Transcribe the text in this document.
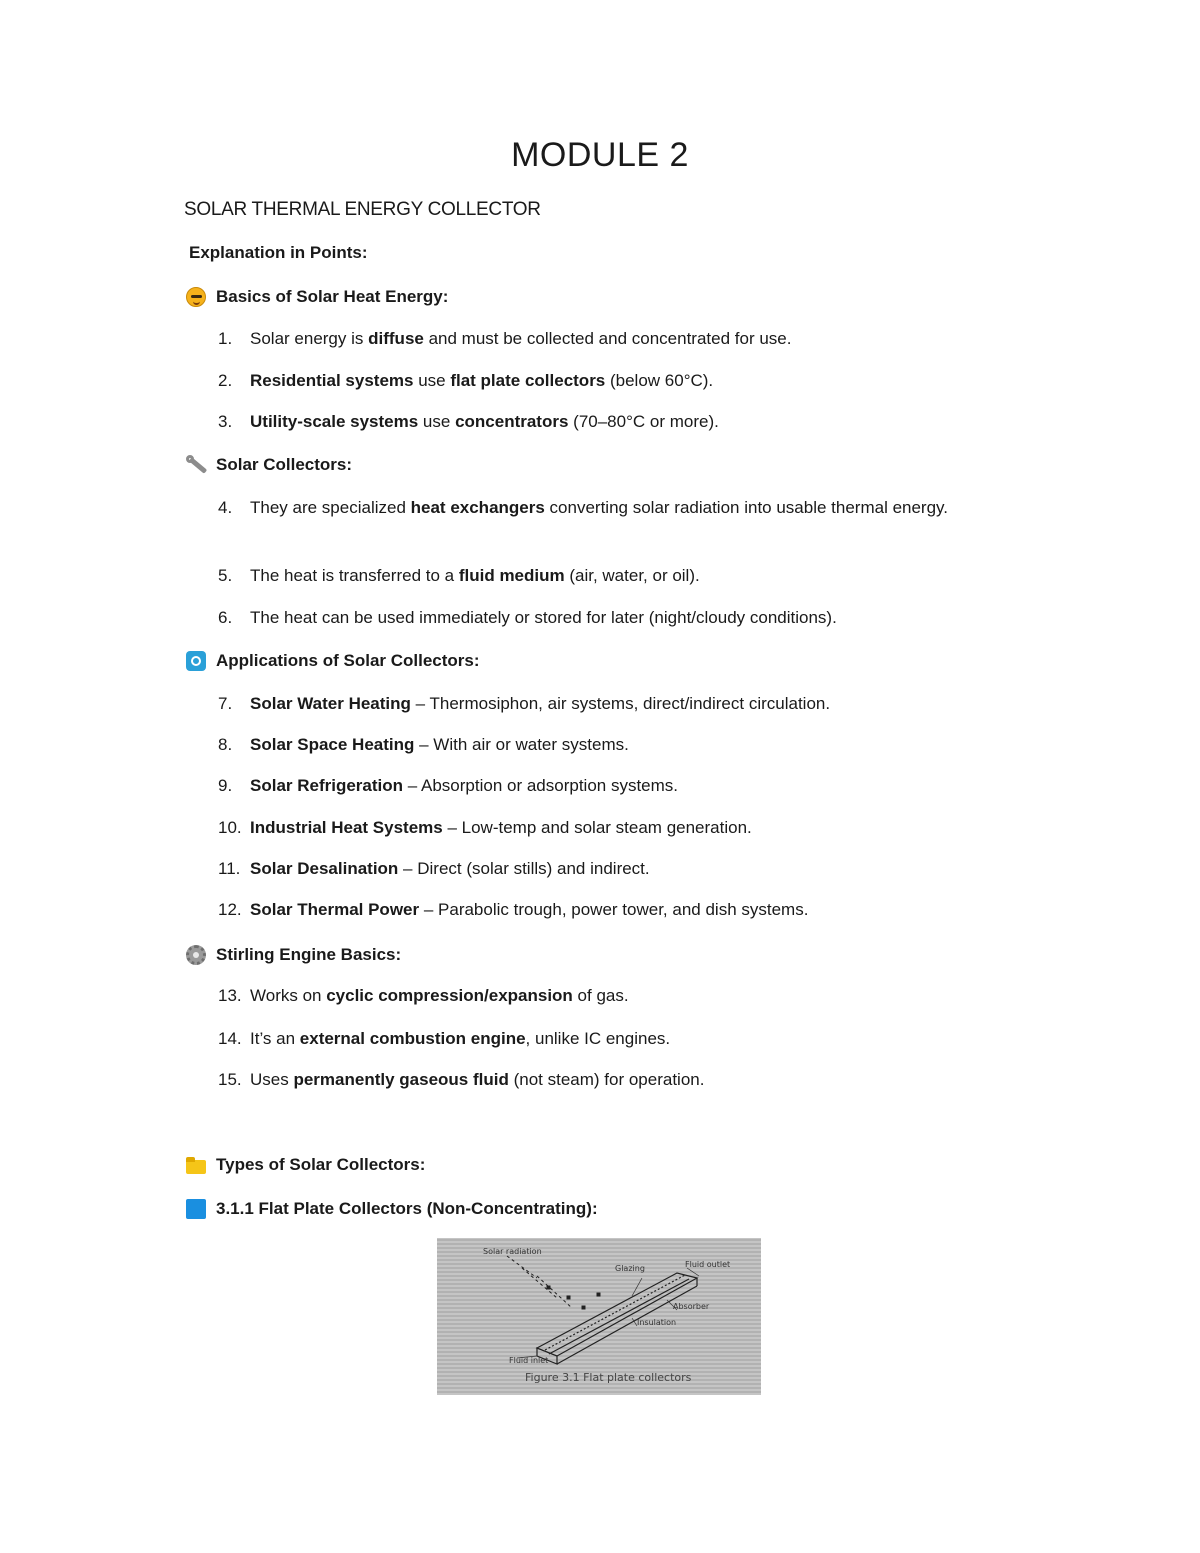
MODULE 2

SOLAR THERMAL ENERGY COLLECTOR

Explanation in Points:

Basics of Solar Heat Energy:
1.	Solar energy is diffuse and must be collected and concentrated for use.
2.	Residential systems use flat plate collectors (below 60°C).
3.	Utility-scale systems use concentrators (70–80°C or more).
Solar Collectors:
4.	They are specialized heat exchangers converting solar radiation into usable thermal energy.
5.	The heat is transferred to a fluid medium (air, water, or oil).
6.	The heat can be used immediately or stored for later (night/cloudy conditions).
Applications of Solar Collectors:
7.	Solar Water Heating – Thermosiphon, air systems, direct/indirect circulation.
8.	Solar Space Heating – With air or water systems.
9.	Solar Refrigeration – Absorption or adsorption systems.
10. Industrial Heat Systems – Low-temp and solar steam generation.
11. Solar Desalination – Direct (solar stills) and indirect.
12. Solar Thermal Power – Parabolic trough, power tower, and dish systems.
Stirling Engine Basics:
13. Works on cyclic compression/expansion of gas.
14. It’s an external combustion engine, unlike IC engines.
15. Uses permanently gaseous fluid (not steam) for operation.
Types of Solar Collectors:
3.1.1 Flat Plate Collectors (Non-Concentrating):
Solar radiation
Glazing	Fluid outlet
Absorber
Insulation
Fluid inlet
Figure 3.1 Flat plate collectors
